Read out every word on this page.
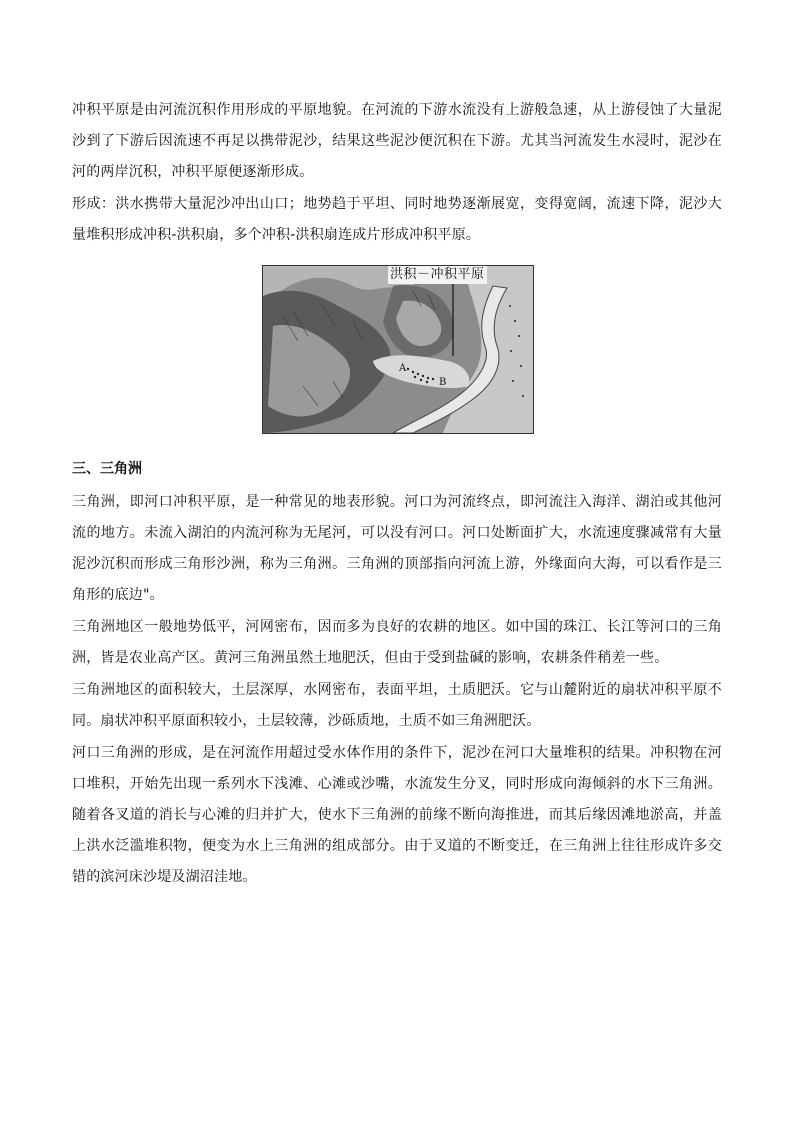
冲积平原是由河流沉积作用形成的平原地貌。在河流的下游水流没有上游般急速，从上游侵蚀了大量泥沙到了下游后因流速不再足以携带泥沙，结果这些泥沙便沉积在下游。尤其当河流发生水浸时，泥沙在河的两岸沉积，冲积平原便逐渐形成。

形成：洪水携带大量泥沙冲出山口；地势趋于平坦、同时地势逐渐展宽，变得宽阔，流速下降，泥沙大量堆积形成冲积-洪积扇，多个冲积-洪积扇连成片形成冲积平原。

洪积－冲积平原
A
B
三、三角洲

三角洲，即河口冲积平原，是一种常见的地表形貌。河口为河流终点，即河流注入海洋、湖泊或其他河流的地方。未流入湖泊的内流河称为无尾河，可以没有河口。河口处断面扩大，水流速度骤减常有大量泥沙沉积而形成三角形沙洲，称为三角洲。三角洲的顶部指向河流上游，外缘面向大海，可以看作是三角形的底边"。

三角洲地区一般地势低平，河网密布，因而多为良好的农耕的地区。如中国的珠江、长江等河口的三角洲，皆是农业高产区。黄河三角洲虽然土地肥沃，但由于受到盐碱的影响，农耕条件稍差一些。

三角洲地区的面积较大，土层深厚，水网密布，表面平坦，土质肥沃。它与山麓附近的扇状冲积平原不同。扇状冲积平原面积较小，土层较薄，沙砾质地，土质不如三角洲肥沃。

河口三角洲的形成，是在河流作用超过受水体作用的条件下，泥沙在河口大量堆积的结果。冲积物在河口堆积，开始先出现一系列水下浅滩、心滩或沙嘴，水流发生分叉，同时形成向海倾斜的水下三角洲。随着各叉道的消长与心滩的归并扩大，使水下三角洲的前缘不断向海推进，而其后缘因滩地淤高，并盖上洪水泛滥堆积物，便变为水上三角洲的组成部分。由于叉道的不断变迁，在三角洲上往往形成许多交错的滨河床沙堤及湖沼洼地。
